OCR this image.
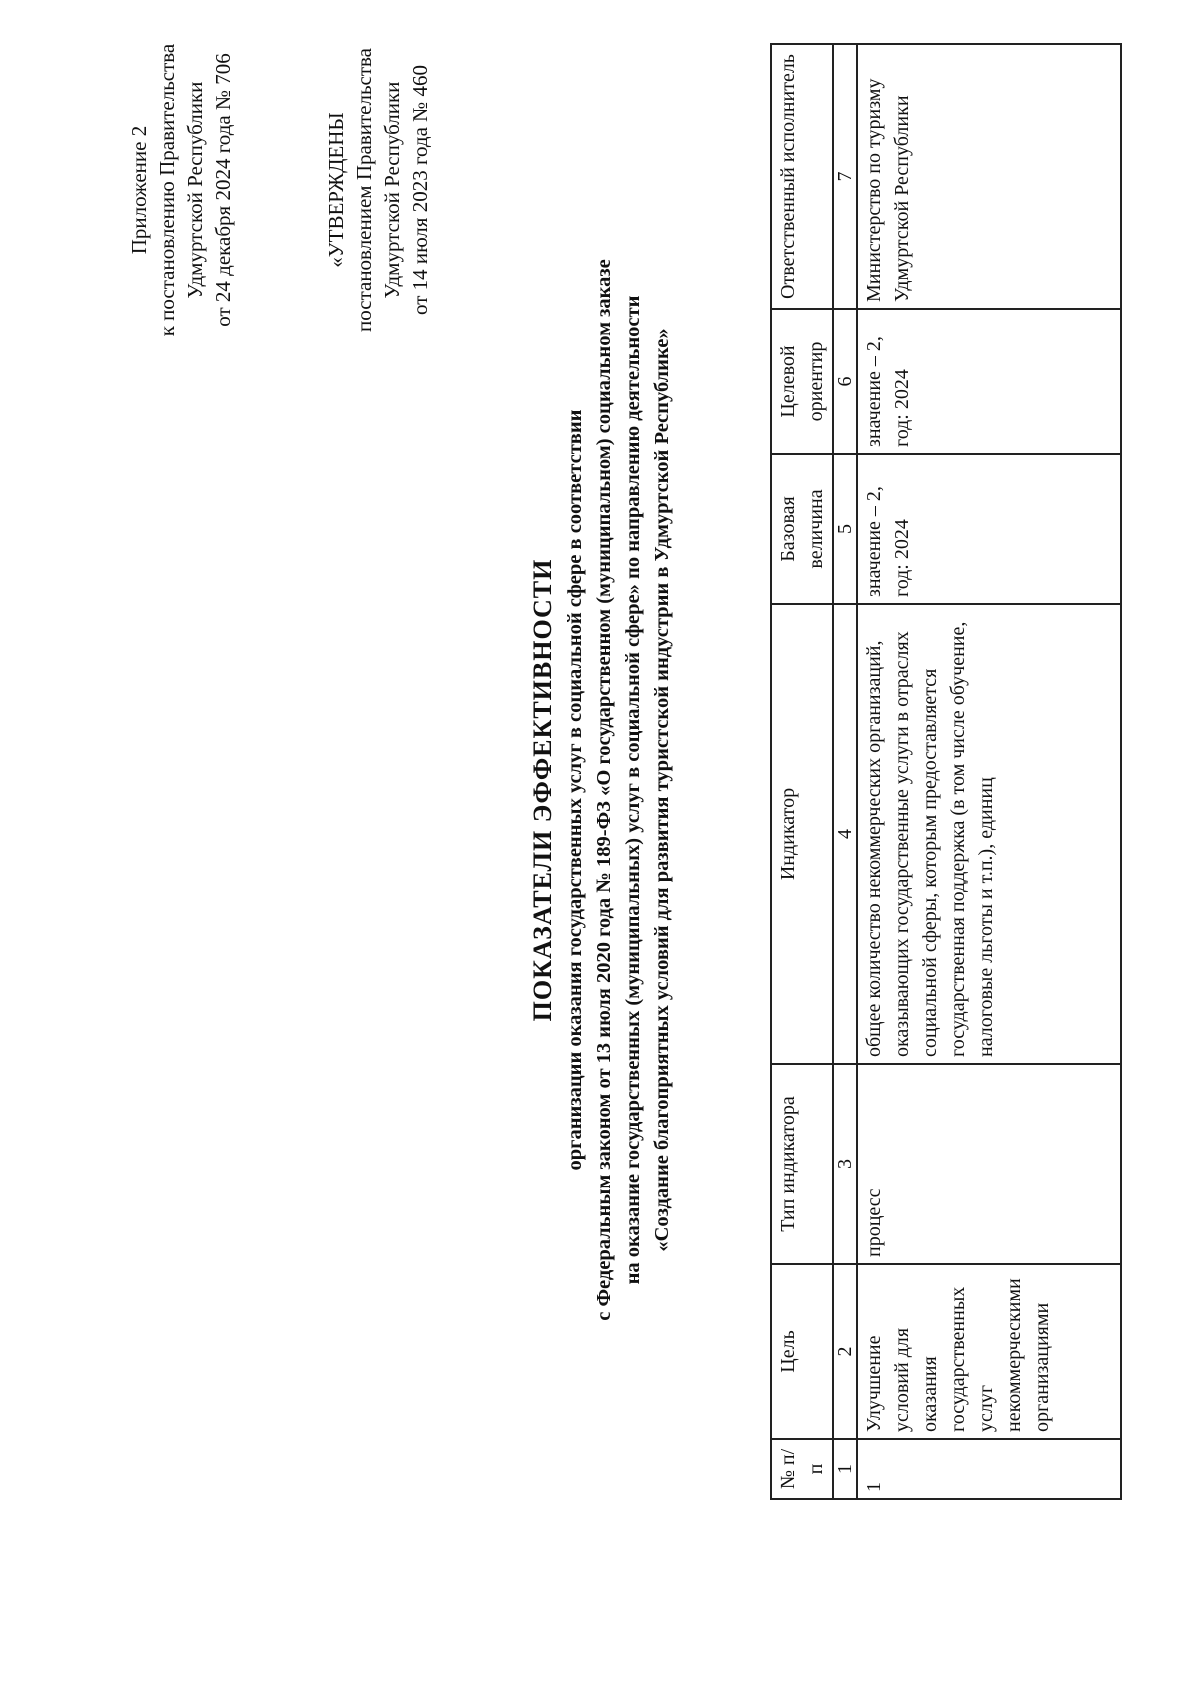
Приложение 2 к постановлению Правительства Удмуртской Республики от 24 декабря 2024 года № 706	«УТВЕРЖДЕНЫ постановлением Правительства Удмуртской Республики от 14 июля 2023 года № 460
ПОКАЗАТЕЛИ ЭФФЕКТИВНОСТИ организации оказания государственных услуг в социальной сфере в соответствии с Федеральным законом от 13 июля 2020 года № 189-ФЗ «О государственном (муниципальном) социальном заказе на оказание государственных (муниципальных) услуг в социальной сфере» по направлению деятельности «Создание благоприятных условий для развития туристской индустрии в Удмуртской Республике»
№ п/п	Цель	Тип индикатора	Индикатор	Базовая величина	Целевой ориентир	Ответственный исполнитель
1	2	3	4	5	6	7
1	Улучшение условий для оказания государственных услуг некоммерческими организациями	процесс	общее количество некоммерческих организаций, оказывающих государственные услуги в отраслях социальной сферы, которым предоставляется государственная поддержка (в том числе обучение, налоговые льготы и т.п.), единиц	значение – 2, год: 2024	значение – 2, год: 2024	Министерство по туризму Удмуртской Республики
